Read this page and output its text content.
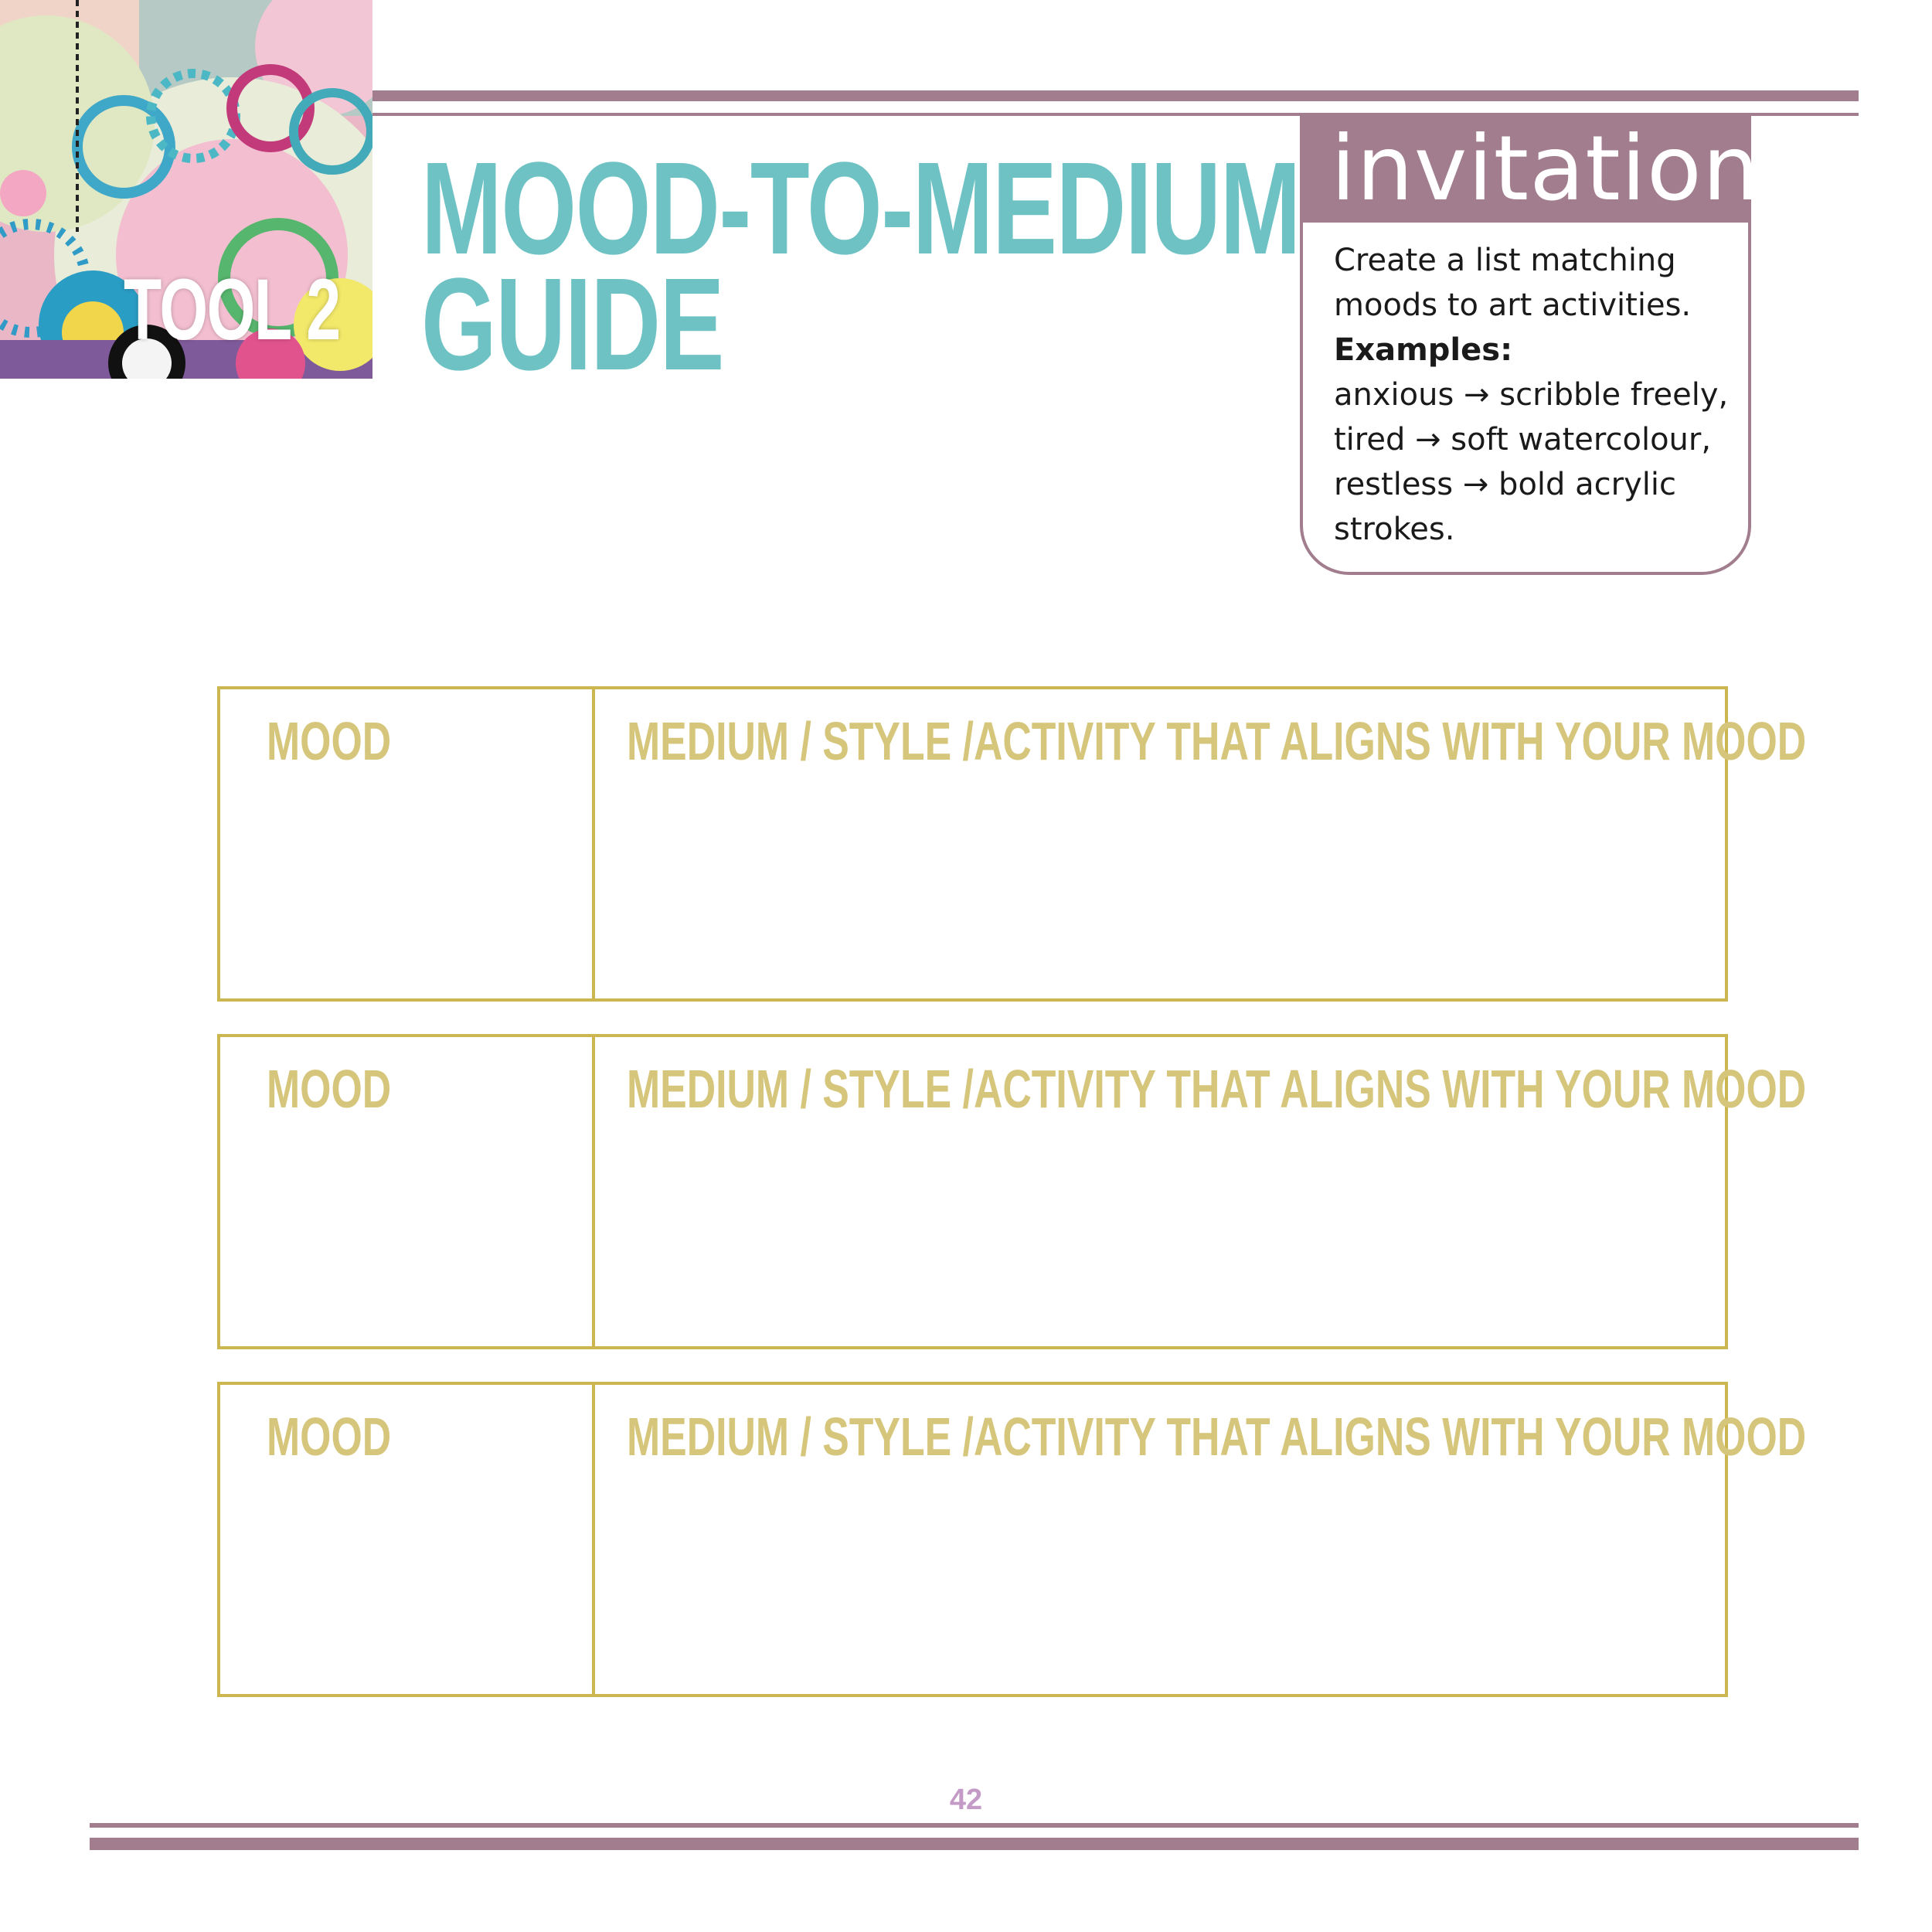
TOOL 2
MOOD-TO-MEDIUM
GUIDE
invitation

Create a list matching

moods to art activities.

Examples:

anxious → scribble freely,

tired → soft watercolour,

restless → bold acrylic

strokes.

MOOD	MEDIUM / STYLE /ACTIVITY THAT ALIGNS WITH YOUR MOOD
MOOD	MEDIUM / STYLE /ACTIVITY THAT ALIGNS WITH YOUR MOOD
MOOD	MEDIUM / STYLE /ACTIVITY THAT ALIGNS WITH YOUR MOOD
42
